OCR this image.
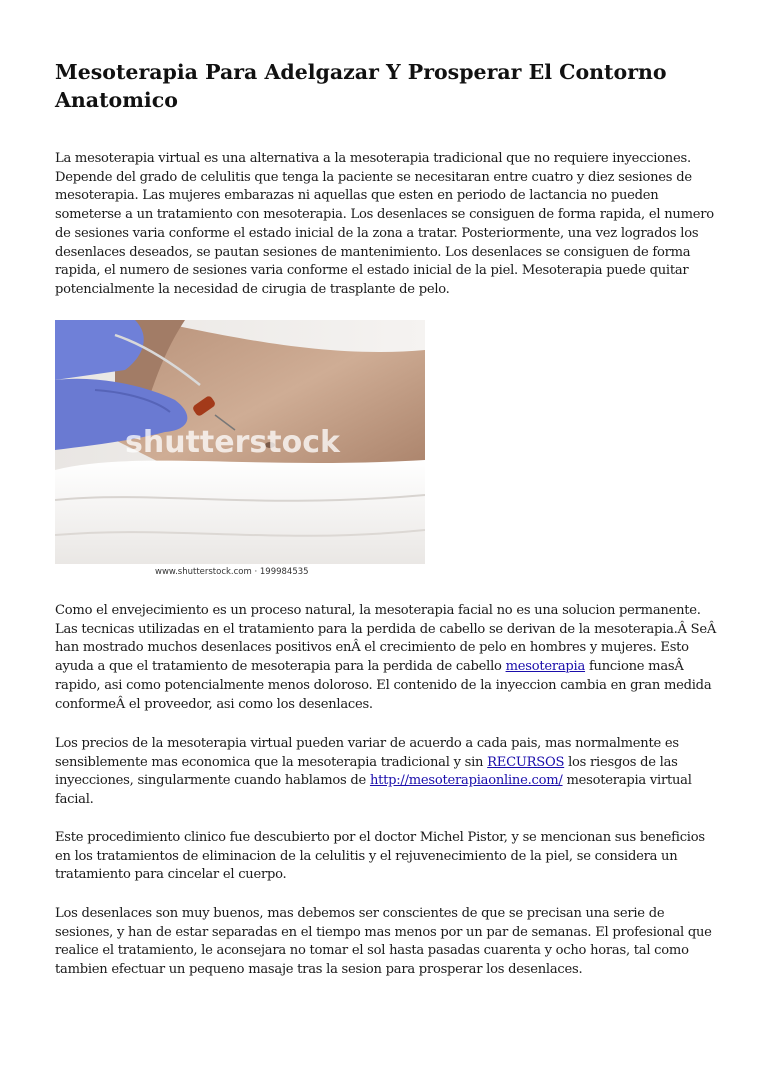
Mesoterapia Para Adelgazar Y Prosperar El Contorno Anatomico

La mesoterapia virtual es una alternativa a la mesoterapia tradicional que no requiere inyecciones. Depende del grado de celulitis que tenga la paciente se necesitaran entre cuatro y diez sesiones de mesoterapia. Las mujeres embarazas ni aquellas que esten en periodo de lactancia no pueden someterse a un tratamiento con mesoterapia. Los desenlaces se consiguen de forma rapida, el numero de sesiones varia conforme el estado inicial de la zona a tratar. Posteriormente, una vez logrados los desenlaces deseados, se pautan sesiones de mantenimiento. Los desenlaces se consiguen de forma rapida, el numero de sesiones varia conforme el estado inicial de la piel. Mesoterapia puede quitar potencialmente la necesidad de cirugia de trasplante de pelo.

shutterstock
www.shutterstock.com · 199984535

Como el envejecimiento es un proceso natural, la mesoterapia facial no es una solucion permanente. Las tecnicas utilizadas en el tratamiento para la perdida de cabello se derivan de la mesoterapia.Â SeÂ han mostrado muchos desenlaces positivos enÂ el crecimiento de pelo en hombres y mujeres. Esto ayuda a que el tratamiento de mesoterapia para la perdida de cabello mesoterapia funcione masÂ rapido, asi como potencialmente menos doloroso. El contenido de la inyeccion cambia en gran medida conformeÂ el proveedor, asi como los desenlaces.

Los precios de la mesoterapia virtual pueden variar de acuerdo a cada pais, mas normalmente es sensiblemente mas economica que la mesoterapia tradicional y sin RECURSOS los riesgos de las inyecciones, singularmente cuando hablamos de http://mesoterapiaonline.com/ mesoterapia virtual facial.

Este procedimiento clinico fue descubierto por el doctor Michel Pistor, y se mencionan sus beneficios en los tratamientos de eliminacion de la celulitis y el rejuvenecimiento de la piel, se considera un tratamiento para cincelar el cuerpo.

Los desenlaces son muy buenos, mas debemos ser conscientes de que se precisan una serie de sesiones, y han de estar separadas en el tiempo mas menos por un par de semanas. El profesional que realice el tratamiento, le aconsejara no tomar el sol hasta pasadas cuarenta y ocho horas, tal como tambien efectuar un pequeno masaje tras la sesion para prosperar los desenlaces.
